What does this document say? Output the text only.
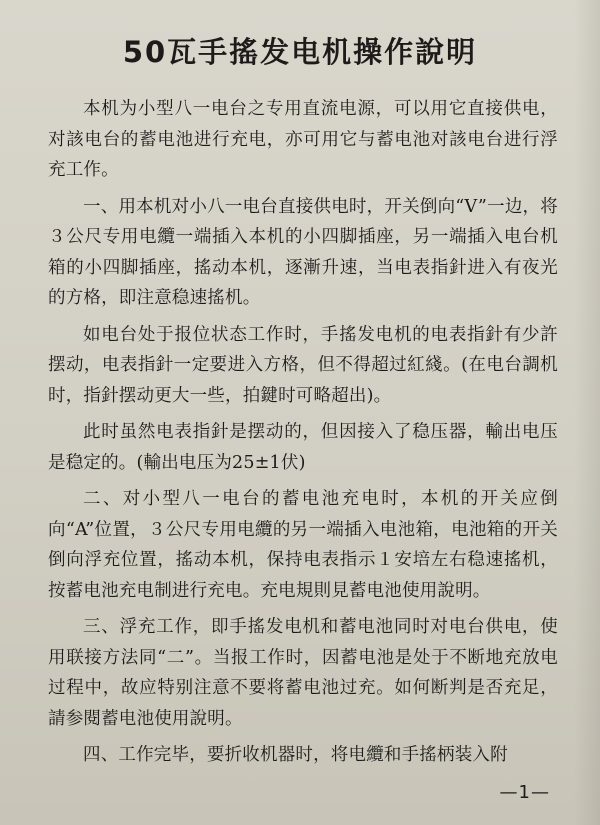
50瓦手搖发电机操作說明

本机为小型八一电台之专用直流电源，可以用它直接供电，对該电台的蓄电池进行充电，亦可用它与蓄电池对該电台进行浮充工作。

一、用本机对小八一电台直接供电时，开关倒向“V”一边，将３公尺专用电纜一端插入本机的小四脚插座，另一端插入电台机箱的小四脚插座，搖动本机，逐漸升速，当电表指針进入有夜光的方格，即注意稳速搖机。

如电台处于报位状态工作时，手搖发电机的电表指針有少許摆动，电表指針一定要进入方格，但不得超过紅綫。(在电台調机时，指針摆动更大一些，拍鍵时可略超出)。

此时虽然电表指針是摆动的，但因接入了稳压器，輸出电压是稳定的。(輸出电压为25±1伏)

二、对小型八一电台的蓄电池充电时，本机的开关应倒向“A”位置，３公尺专用电纜的另一端插入电池箱，电池箱的开关倒向浮充位置，搖动本机，保持电表指示１安培左右稳速搖机，按蓄电池充电制进行充电。充电規則見蓄电池使用說明。

三、浮充工作，即手搖发电机和蓄电池同时对电台供电，使用联接方法同“二”。当报工作时，因蓄电池是处于不断地充放电过程中，故应特别注意不要将蓄电池过充。如何断判是否充足，請参閱蓄电池使用說明。

四、工作完毕，要折收机器时，将电纜和手搖柄装入附

—1—
